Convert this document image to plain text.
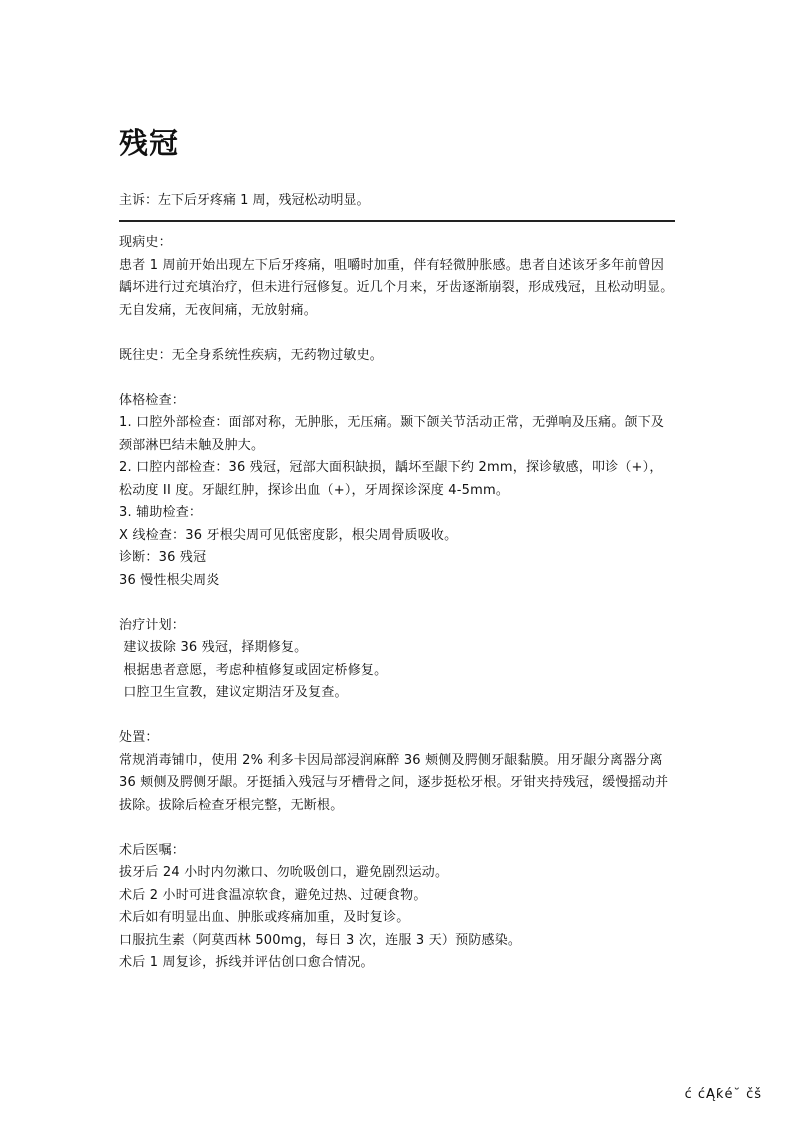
残冠
主诉：左下后牙疼痛 1 周，残冠松动明显。

现病史：

患者 1 周前开始出现左下后牙疼痛，咀嚼时加重，伴有轻微肿胀感。患者自述该牙多年前曾因龋坏进行过充填治疗，但未进行冠修复。近几个月来，牙齿逐渐崩裂，形成残冠，且松动明显。无自发痛，无夜间痛，无放射痛。

既往史：无全身系统性疾病，无药物过敏史。

体格检查：

1. 口腔外部检查：面部对称，无肿胀，无压痛。颞下颌关节活动正常，无弹响及压痛。颌下及颈部淋巴结未触及肿大。

2. 口腔内部检查：36 残冠，冠部大面积缺损，龋坏至龈下约 2mm，探诊敏感，叩诊（+），松动度 II 度。牙龈红肿，探诊出血（+），牙周探诊深度 4-5mm。

3. 辅助检查：

X 线检查：36 牙根尖周可见低密度影，根尖周骨质吸收。

诊断：36 残冠

36 慢性根尖周炎

治疗计划：

建议拔除 36 残冠，择期修复。

根据患者意愿，考虑种植修复或固定桥修复。

口腔卫生宣教，建议定期洁牙及复查。

处置：

常规消毒铺巾，使用 2% 利多卡因局部浸润麻醉 36 颊侧及腭侧牙龈黏膜。用牙龈分离器分离 36 颊侧及腭侧牙龈。牙挺插入残冠与牙槽骨之间，逐步挺松牙根。牙钳夹持残冠，缓慢摇动并拔除。拔除后检查牙根完整，无断根。

术后医嘱：

拔牙后 24 小时内勿漱口、勿吮吸创口，避免剧烈运动。

术后 2 小时可进食温凉软食，避免过热、过硬食物。

术后如有明显出血、肿胀或疼痛加重，及时复诊。

口服抗生素（阿莫西林 500mg，每日 3 次，连服 3 天）预防感染。

术后 1 周复诊，拆线并评估创口愈合情况。

ć ćĄƙé˘ čš
